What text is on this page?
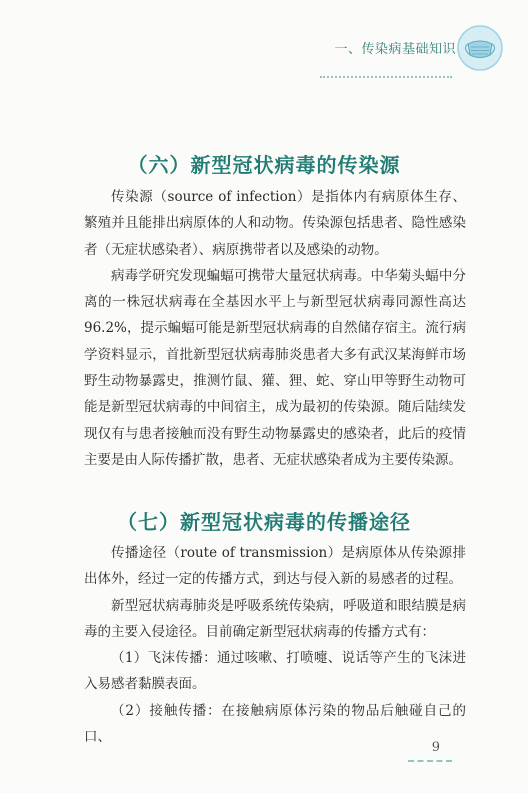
一、传染病基础知识
（六）新型冠状病毒的传染源

传染源（source of infection）是指体内有病原体生存、繁殖并且能排出病原体的人和动物。传染源包括患者、隐性感染者（无症状感染者）、病原携带者以及感染的动物。

病毒学研究发现蝙蝠可携带大量冠状病毒。中华菊头蝠中分离的一株冠状病毒在全基因水平上与新型冠状病毒同源性高达 96.2%，提示蝙蝠可能是新型冠状病毒的自然储存宿主。流行病学资料显示，首批新型冠状病毒肺炎患者大多有武汉某海鲜市场野生动物暴露史，推测竹鼠、獾、狸、蛇、穿山甲等野生动物可能是新型冠状病毒的中间宿主，成为最初的传染源。随后陆续发现仅有与患者接触而没有野生动物暴露史的感染者，此后的疫情主要是由人际传播扩散，患者、无症状感染者成为主要传染源。

（七）新型冠状病毒的传播途径

传播途径（route of transmission）是病原体从传染源排出体外，经过一定的传播方式，到达与侵入新的易感者的过程。

新型冠状病毒肺炎是呼吸系统传染病，呼吸道和眼结膜是病毒的主要入侵途径。目前确定新型冠状病毒的传播方式有：

（1）飞沫传播：通过咳嗽、打喷嚏、说话等产生的飞沫进入易感者黏膜表面。

（2）接触传播：在接触病原体污染的物品后触碰自己的口、

9
